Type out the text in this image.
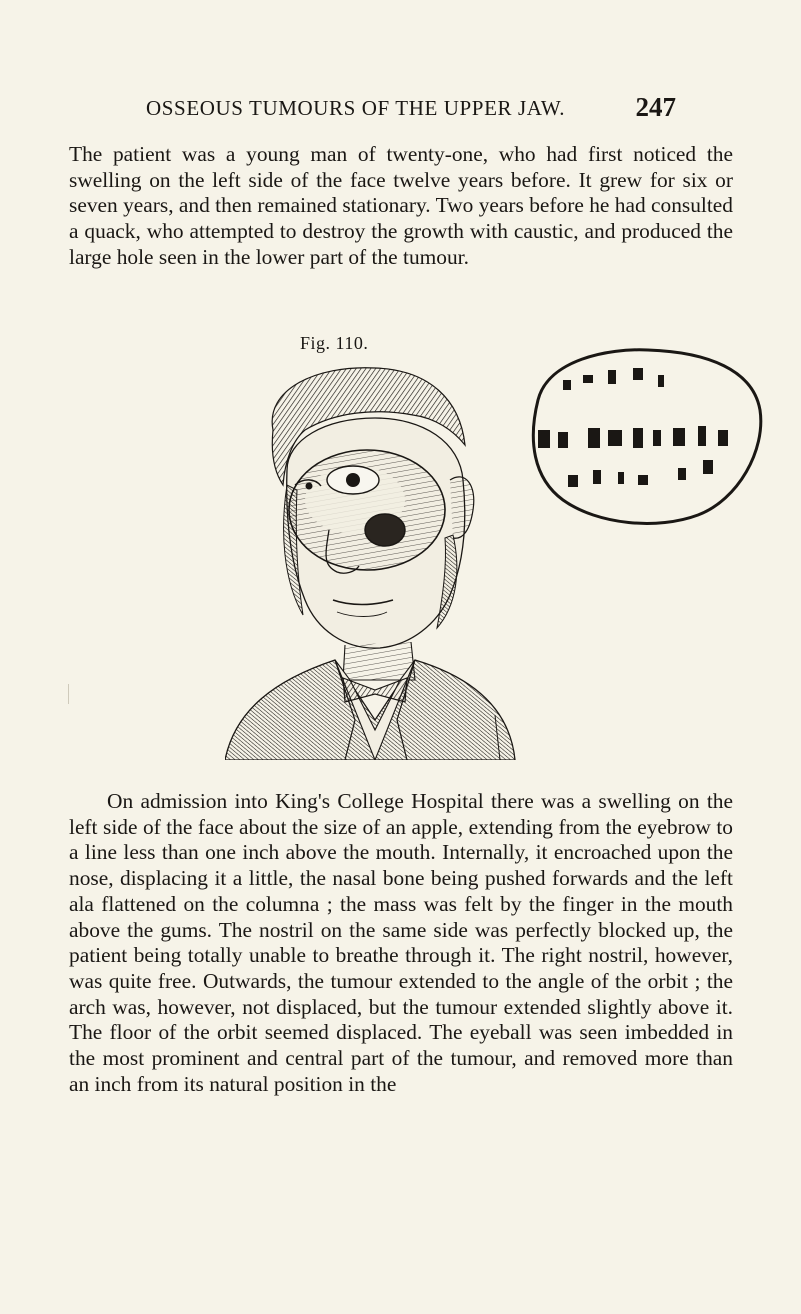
OSSEOUS TUMOURS OF THE UPPER JAW.	247

The patient was a young man of twenty-one, who had first noticed the swelling on the left side of the face twelve years before. It grew for six or seven years, and then remained stationary. Two years before he had consulted a quack, who attempted to destroy the growth with caustic, and produced the large hole seen in the lower part of the tumour.

Fig. 110.

On admission into King's College Hospital there was a swelling on the left side of the face about the size of an apple, extending from the eyebrow to a line less than one inch above the mouth. Internally, it encroached upon the nose, displacing it a little, the nasal bone being pushed forwards and the left ala flattened on the columna ; the mass was felt by the finger in the mouth above the gums. The nostril on the same side was perfectly blocked up, the patient being totally unable to breathe through it. The right nostril, however, was quite free. Outwards, the tumour extended to the angle of the orbit ; the arch was, however, not displaced, but the tumour extended slightly above it. The floor of the orbit seemed displaced. The eyeball was seen imbedded in the most prominent and central part of the tumour, and removed more than an inch from its natural position in the
